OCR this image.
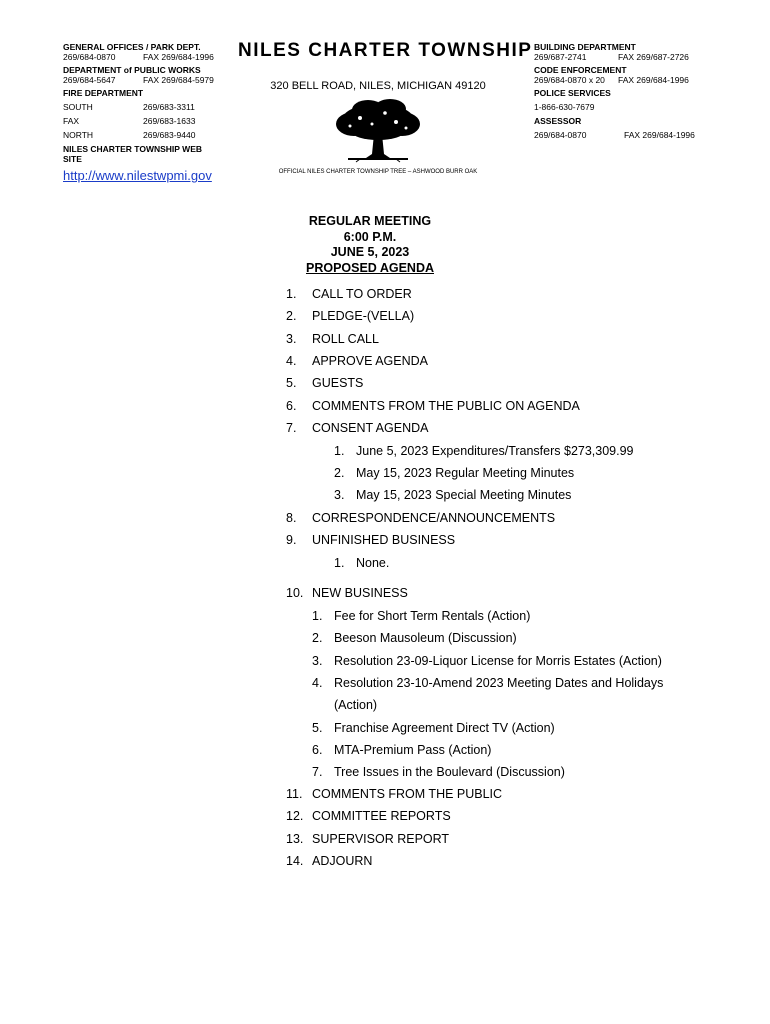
GENERAL OFFICES / PARK DEPT.
269/684-0870	FAX 269/684-1996
DEPARTMENT of PUBLIC WORKS
269/684-5647	FAX 269/684-5979
FIRE DEPARTMENT
SOUTH	269/683-3311
FAX	269/683-1633
NORTH	269/683-9440
NILES CHARTER TOWNSHIP WEB SITE
http://www.nilestwpmi.gov
NILES CHARTER TOWNSHIP
320 BELL ROAD, NILES, MICHIGAN 49120
OFFICIAL NILES CHARTER TOWNSHIP TREE – ASHWOOD BURR OAK
BUILDING DEPARTMENT
269/687-2741	FAX 269/687-2726
CODE ENFORCEMENT
269/684-0870 x 20	FAX 269/684-1996
POLICE SERVICES
1-866-630-7679
ASSESSOR
269/684-0870	FAX 269/684-1996
REGULAR MEETING
6:00 P.M.
JUNE 5, 2023
PROPOSED AGENDA
1. CALL TO ORDER
2. PLEDGE-(VELLA)
3. ROLL CALL
4. APPROVE AGENDA
5. GUESTS
6. COMMENTS FROM THE PUBLIC ON AGENDA
7. CONSENT AGENDA
1. June 5, 2023 Expenditures/Transfers $273,309.99
2. May 15, 2023 Regular Meeting Minutes
3. May 15, 2023 Special Meeting Minutes
8. CORRESPONDENCE/ANNOUNCEMENTS
9. UNFINISHED BUSINESS
1. None.
10. NEW BUSINESS
1. Fee for Short Term Rentals (Action)
2. Beeson Mausoleum (Discussion)
3. Resolution 23-09-Liquor License for Morris Estates (Action)
4. Resolution 23-10-Amend 2023 Meeting Dates and Holidays
(Action)
5. Franchise Agreement Direct TV (Action)
6. MTA-Premium Pass (Action)
7. Tree Issues in the Boulevard (Discussion)
11. COMMENTS FROM THE PUBLIC
12. COMMITTEE REPORTS
13. SUPERVISOR REPORT
14. ADJOURN
